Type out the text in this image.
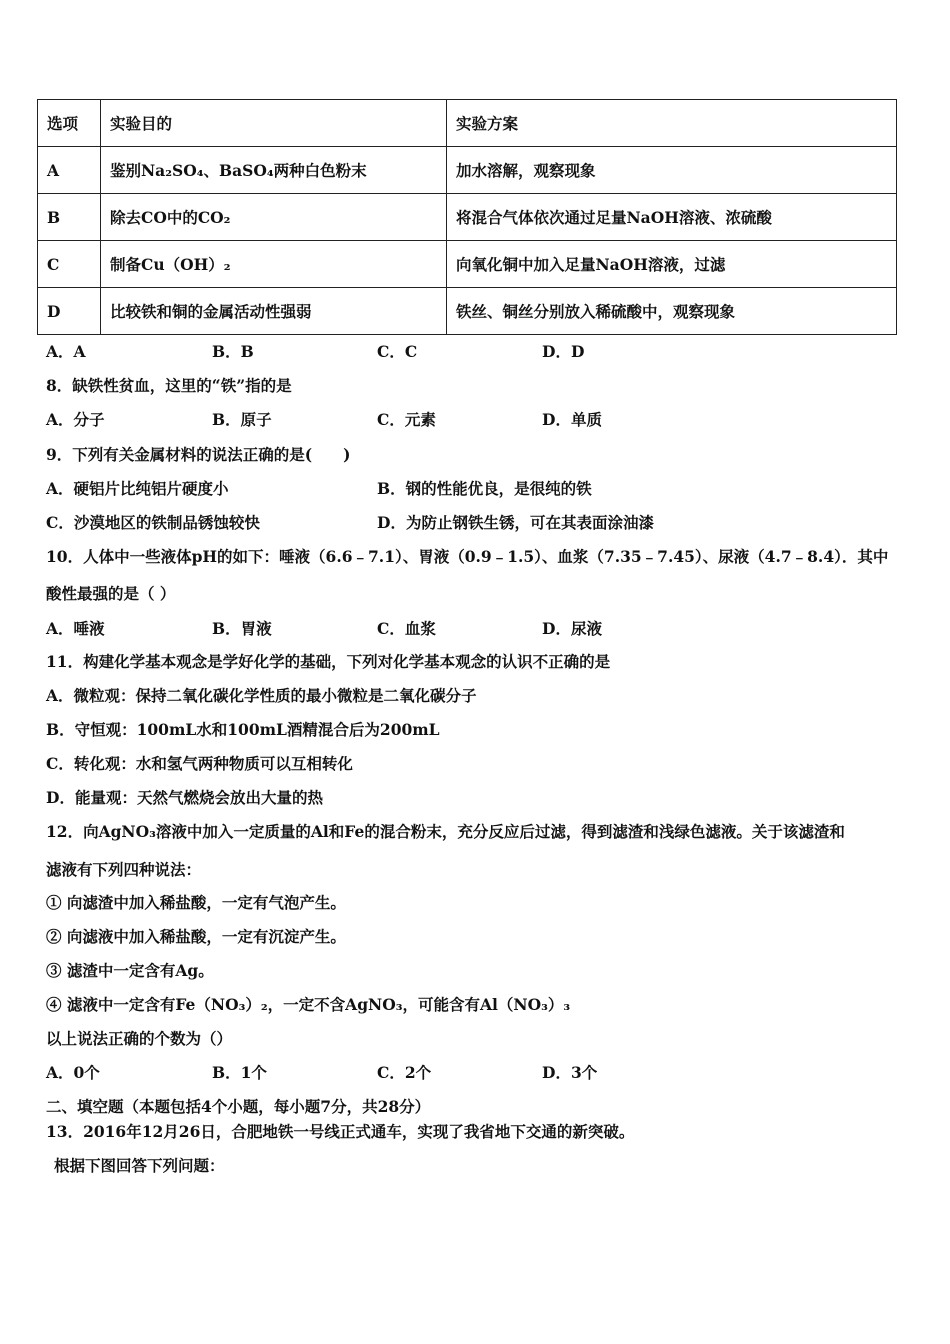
选项	实验目的	实验方案
A	鉴别Na₂SO₄、BaSO₄两种白色粉末	加水溶解，观察现象
B	除去CO中的CO₂	将混合气体依次通过足量NaOH溶液、浓硫酸
C	制备Cu（OH）₂	向氧化铜中加入足量NaOH溶液，过滤
D	比较铁和铜的金属活动性强弱	铁丝、铜丝分别放入稀硫酸中，观察现象
A．A	B．B	C．C	D．D
8．缺铁性贫血，这里的“铁”指的是
A．分子	B．原子	C．元素	D．单质
9．下列有关金属材料的说法正确的是(　　)
A．硬铝片比纯铝片硬度小	B．钢的性能优良，是很纯的铁
C．沙漠地区的铁制品锈蚀较快	D．为防止钢铁生锈，可在其表面涂油漆
10．人体中一些液体pH的如下：唾液（6.6﹣7.1）、胃液（0.9﹣1.5）、血浆（7.35﹣7.45）、尿液（4.7﹣8.4）．其中
酸性最强的是（ ）
A．唾液	B．胃液	C．血浆	D．尿液
11．构建化学基本观念是学好化学的基础，下列对化学基本观念的认识不正确的是
A．微粒观：保持二氧化碳化学性质的最小微粒是二氧化碳分子
B．守恒观：100mL水和100mL酒精混合后为200mL
C．转化观：水和氢气两种物质可以互相转化
D．能量观：天然气燃烧会放出大量的热
12．向AgNO₃溶液中加入一定质量的Al和Fe的混合粉末，充分反应后过滤，得到滤渣和浅绿色滤液。关于该滤渣和
滤液有下列四种说法：
① 向滤渣中加入稀盐酸，一定有气泡产生。
② 向滤液中加入稀盐酸，一定有沉淀产生。
③ 滤渣中一定含有Ag。
④ 滤液中一定含有Fe（NO₃）₂，一定不含AgNO₃，可能含有Al（NO₃）₃
以上说法正确的个数为（）
A．0个	B．1个	C．2个	D．3个
二、填空题（本题包括4个小题，每小题7分，共28分）
13．2016年12月26日，合肥地铁一号线正式通车，实现了我省地下交通的新突破。
根据下图回答下列问题：
